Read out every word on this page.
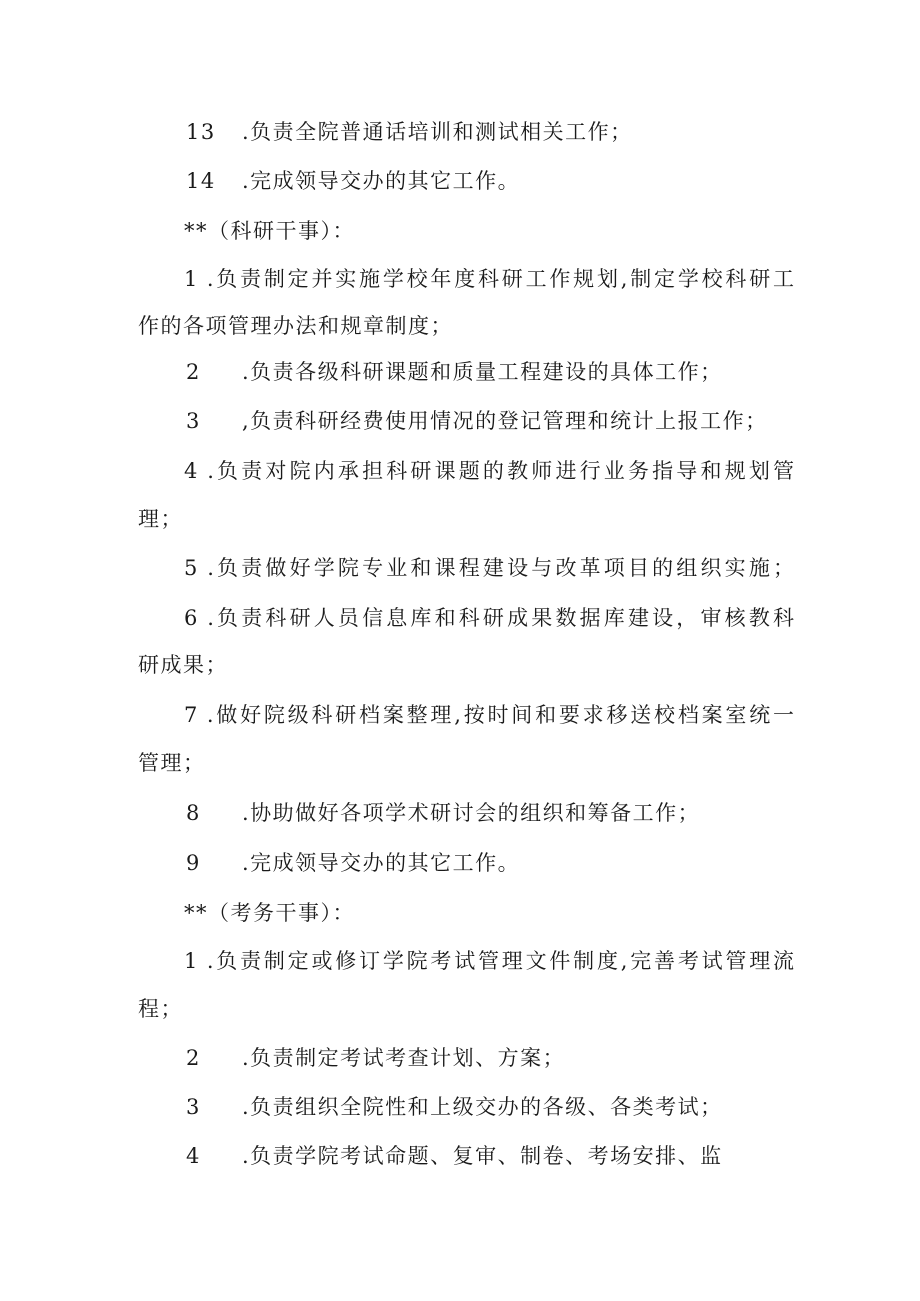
13 .负责全院普通话培训和测试相关工作；
14 .完成领导交办的其它工作。
**（科研干事）：
1 .负责制定并实施学校年度科研工作规划,制定学校科研工
作的各项管理办法和规章制度；
2 .负责各级科研课题和质量工程建设的具体工作；
3 ,负责科研经费使用情况的登记管理和统计上报工作；
4 .负责对院内承担科研课题的教师进行业务指导和规划管
理；
5 .负责做好学院专业和课程建设与改革项目的组织实施；
6 .负责科研人员信息库和科研成果数据库建设，审核教科
研成果；
7 .做好院级科研档案整理,按时间和要求移送校档案室统一
管理；
8 .协助做好各项学术研讨会的组织和筹备工作；
9 .完成领导交办的其它工作。
**（考务干事）：
1 .负责制定或修订学院考试管理文件制度,完善考试管理流
程；
2 .负责制定考试考查计划、方案；
3 .负责组织全院性和上级交办的各级、各类考试；
4 .负责学院考试命题、复审、制卷、考场安排、监
